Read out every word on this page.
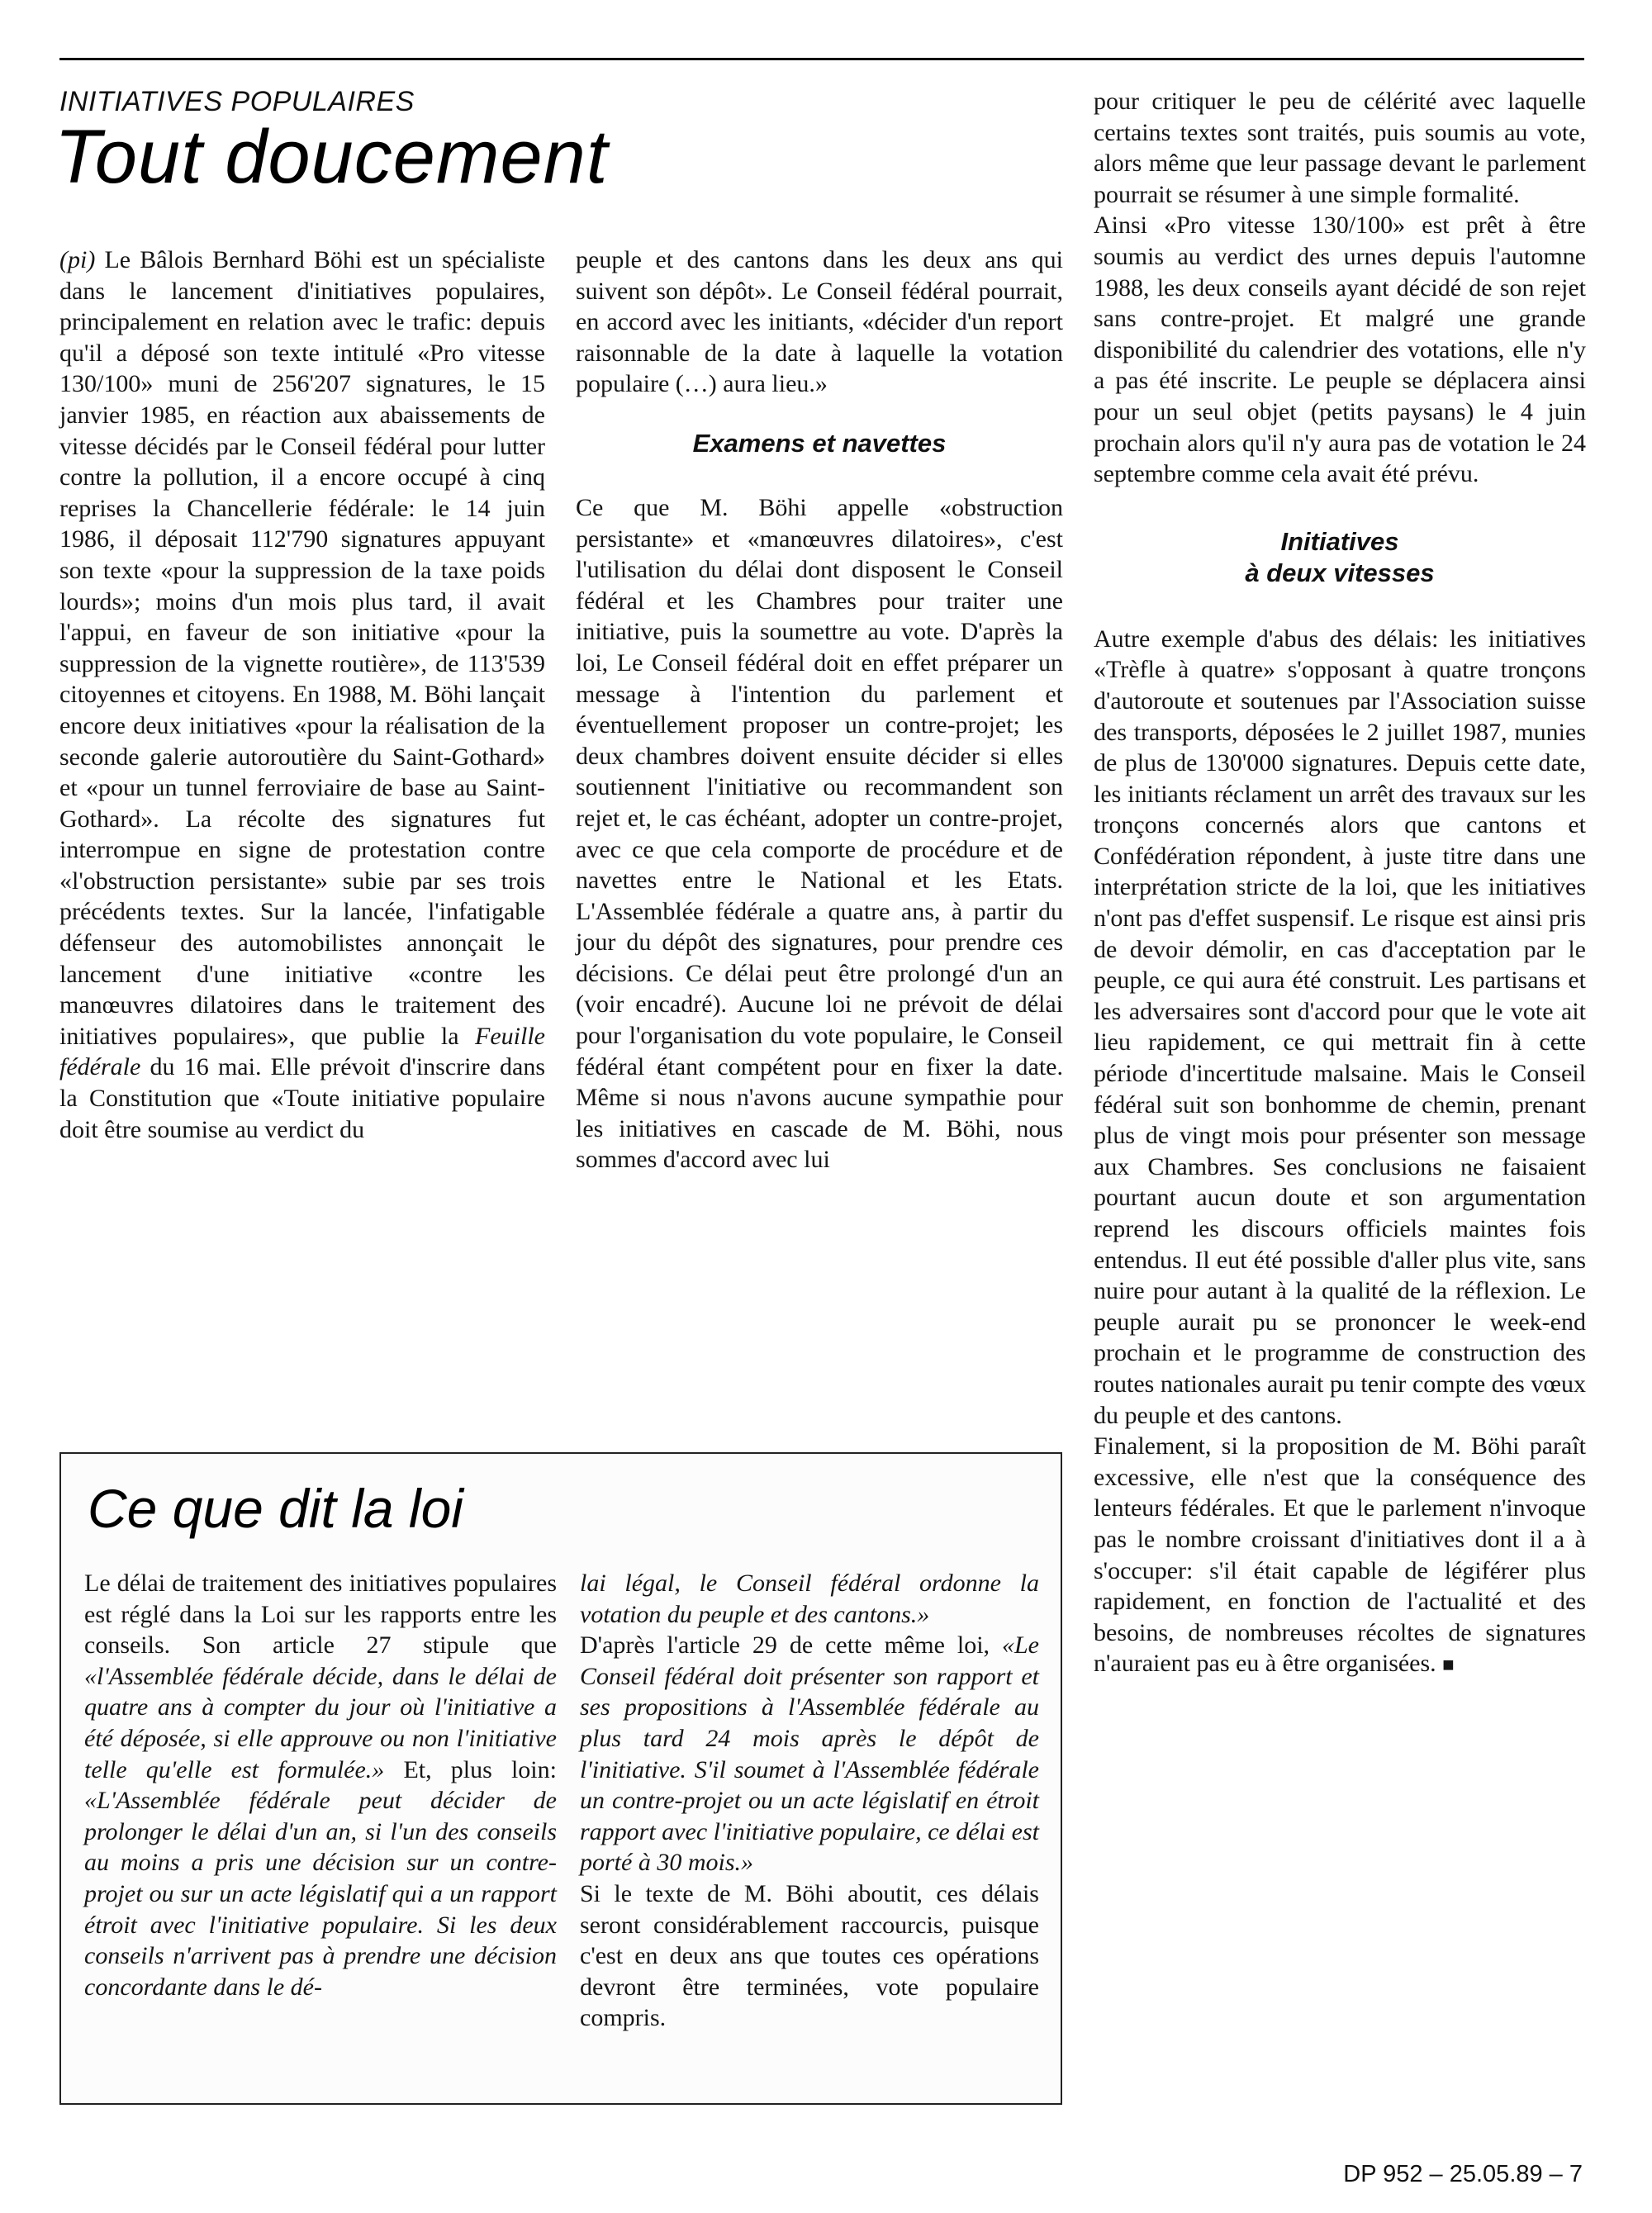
INITIATIVES POPULAIRES
Tout doucement

(pi) Le Bâlois Bernhard Böhi est un spécialiste dans le lancement d'initiatives populaires, principalement en relation avec le trafic: depuis qu'il a déposé son texte intitulé «Pro vitesse 130/100» muni de 256'207 signatures, le 15 janvier 1985, en réaction aux abaissements de vitesse décidés par le Conseil fédéral pour lutter contre la pollution, il a encore occupé à cinq reprises la Chancellerie fédérale: le 14 juin 1986, il déposait 112'790 signatures appuyant son texte «pour la suppression de la taxe poids lourds»; moins d'un mois plus tard, il avait l'appui, en faveur de son initiative «pour la suppression de la vignette routière», de 113'539 citoyennes et citoyens. En 1988, M. Böhi lançait encore deux initiatives «pour la réalisation de la seconde galerie autoroutière du Saint-Gothard» et «pour un tunnel ferroviaire de base au Saint-Gothard». La récolte des signatures fut interrompue en signe de protestation contre «l'obstruction persistante» subie par ses trois précédents textes. Sur la lancée, l'infatigable défenseur des automobilistes annonçait le lancement d'une initiative «contre les manœuvres dilatoires dans le traitement des initiatives populaires», que publie la Feuille fédérale du 16 mai. Elle prévoit d'inscrire dans la Constitution que «Toute initiative populaire doit être soumise au verdict du

peuple et des cantons dans les deux ans qui suivent son dépôt». Le Conseil fédéral pourrait, en accord avec les initiants, «décider d'un report raisonnable de la date à laquelle la votation populaire (…) aura lieu.»

Examens et navettes

Ce que M. Böhi appelle «obstruction persistante» et «manœuvres dilatoires», c'est l'utilisation du délai dont disposent le Conseil fédéral et les Chambres pour traiter une initiative, puis la soumettre au vote. D'après la loi, Le Conseil fédéral doit en effet préparer un message à l'intention du parlement et éventuellement proposer un contre-projet; les deux chambres doivent ensuite décider si elles soutiennent l'initiative ou recommandent son rejet et, le cas échéant, adopter un contre-projet, avec ce que cela comporte de procédure et de navettes entre le National et les Etats. L'Assemblée fédérale a quatre ans, à partir du jour du dépôt des signatures, pour prendre ces décisions. Ce délai peut être prolongé d'un an (voir encadré). Aucune loi ne prévoit de délai pour l'organisation du vote populaire, le Conseil fédéral étant compétent pour en fixer la date. Même si nous n'avons aucune sympathie pour les initiatives en cascade de M. Böhi, nous sommes d'accord avec lui

pour critiquer le peu de célérité avec laquelle certains textes sont traités, puis soumis au vote, alors même que leur passage devant le parlement pourrait se résumer à une simple formalité.

Ainsi «Pro vitesse 130/100» est prêt à être soumis au verdict des urnes depuis l'automne 1988, les deux conseils ayant décidé de son rejet sans contre-projet. Et malgré une grande disponibilité du calendrier des votations, elle n'y a pas été inscrite. Le peuple se déplacera ainsi pour un seul objet (petits paysans) le 4 juin prochain alors qu'il n'y aura pas de votation le 24 septembre comme cela avait été prévu.

Initiatives
à deux vitesses

Autre exemple d'abus des délais: les initiatives «Trèfle à quatre» s'opposant à quatre tronçons d'autoroute et soutenues par l'Association suisse des transports, déposées le 2 juillet 1987, munies de plus de 130'000 signatures. Depuis cette date, les initiants réclament un arrêt des travaux sur les tronçons concernés alors que cantons et Confédération répondent, à juste titre dans une interprétation stricte de la loi, que les initiatives n'ont pas d'effet suspensif. Le risque est ainsi pris de devoir démolir, en cas d'acceptation par le peuple, ce qui aura été construit. Les partisans et les adversaires sont d'accord pour que le vote ait lieu rapidement, ce qui mettrait fin à cette période d'incertitude malsaine. Mais le Conseil fédéral suit son bonhomme de chemin, prenant plus de vingt mois pour présenter son message aux Chambres. Ses conclusions ne faisaient pourtant aucun doute et son argumentation reprend les discours officiels maintes fois entendus. Il eut été possible d'aller plus vite, sans nuire pour autant à la qualité de la réflexion. Le peuple aurait pu se prononcer le week-end prochain et le programme de construction des routes nationales aurait pu tenir compte des vœux du peuple et des cantons.

Finalement, si la proposition de M. Böhi paraît excessive, elle n'est que la conséquence des lenteurs fédérales. Et que le parlement n'invoque pas le nombre croissant d'initiatives dont il a à s'occuper: s'il était capable de légiférer plus rapidement, en fonction de l'actualité et des besoins, de nombreuses récoltes de signatures n'auraient pas eu à être organisées. ■

Ce que dit la loi

Le délai de traitement des initiatives populaires est réglé dans la Loi sur les rapports entre les conseils. Son article 27 stipule que «l'Assemblée fédérale décide, dans le délai de quatre ans à compter du jour où l'initiative a été déposée, si elle approuve ou non l'initiative telle qu'elle est formulée.» Et, plus loin: «L'Assemblée fédérale peut décider de prolonger le délai d'un an, si l'un des conseils au moins a pris une décision sur un contre-projet ou sur un acte législatif qui a un rapport étroit avec l'initiative populaire. Si les deux conseils n'arrivent pas à prendre une décision concordante dans le dé-

lai légal, le Conseil fédéral ordonne la votation du peuple et des cantons.»

D'après l'article 29 de cette même loi, «Le Conseil fédéral doit présenter son rapport et ses propositions à l'Assemblée fédérale au plus tard 24 mois après le dépôt de l'initiative. S'il soumet à l'Assemblée fédérale un contre-projet ou un acte législatif en étroit rapport avec l'initiative populaire, ce délai est porté à 30 mois.»

Si le texte de M. Böhi aboutit, ces délais seront considérablement raccourcis, puisque c'est en deux ans que toutes ces opérations devront être terminées, vote populaire compris.

DP 952 – 25.05.89 – 7
